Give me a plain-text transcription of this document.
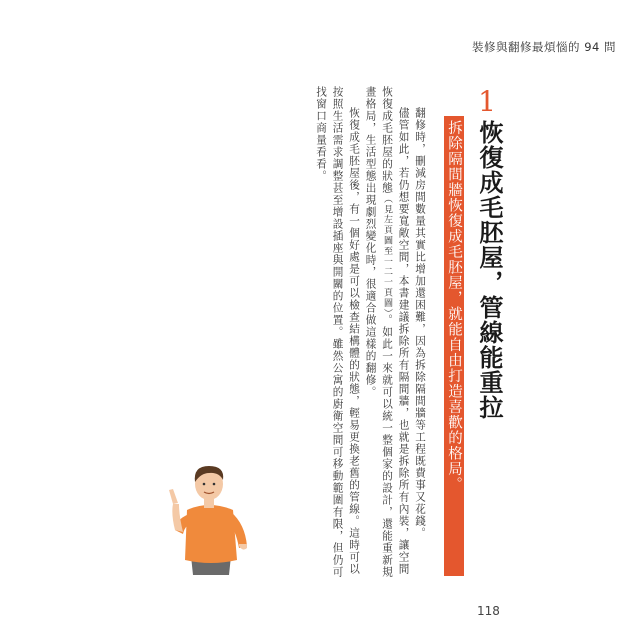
裝修與翻修最煩惱的 94 問
1
恢復成毛胚屋，管線能重拉
拆除隔間牆恢復成毛胚屋，就能自由打造喜歡的格局。

翻修時，刪減房間數量其實比增加還困難，因為拆除隔間牆等工程既費事又花錢。

儘管如此，若仍想要寬敞空間，本書建議拆除所有隔間牆，也就是拆除所有內裝，讓空間恢復成毛胚屋的狀態（見左頁圖至一二一頁圖）。如此一來就可以統一整個家的設計，還能重新規畫格局，生活型態出現劇烈變化時，很適合做這樣的翻修。

恢復成毛胚屋後，有一個好處是可以檢查結構體的狀態，輕易更換老舊的管線。這時可以按照生活需求調整甚至增設插座與開關的位置。雖然公寓的廚衛空間可移動範圍有限，但仍可找窗口商量看看。

118
